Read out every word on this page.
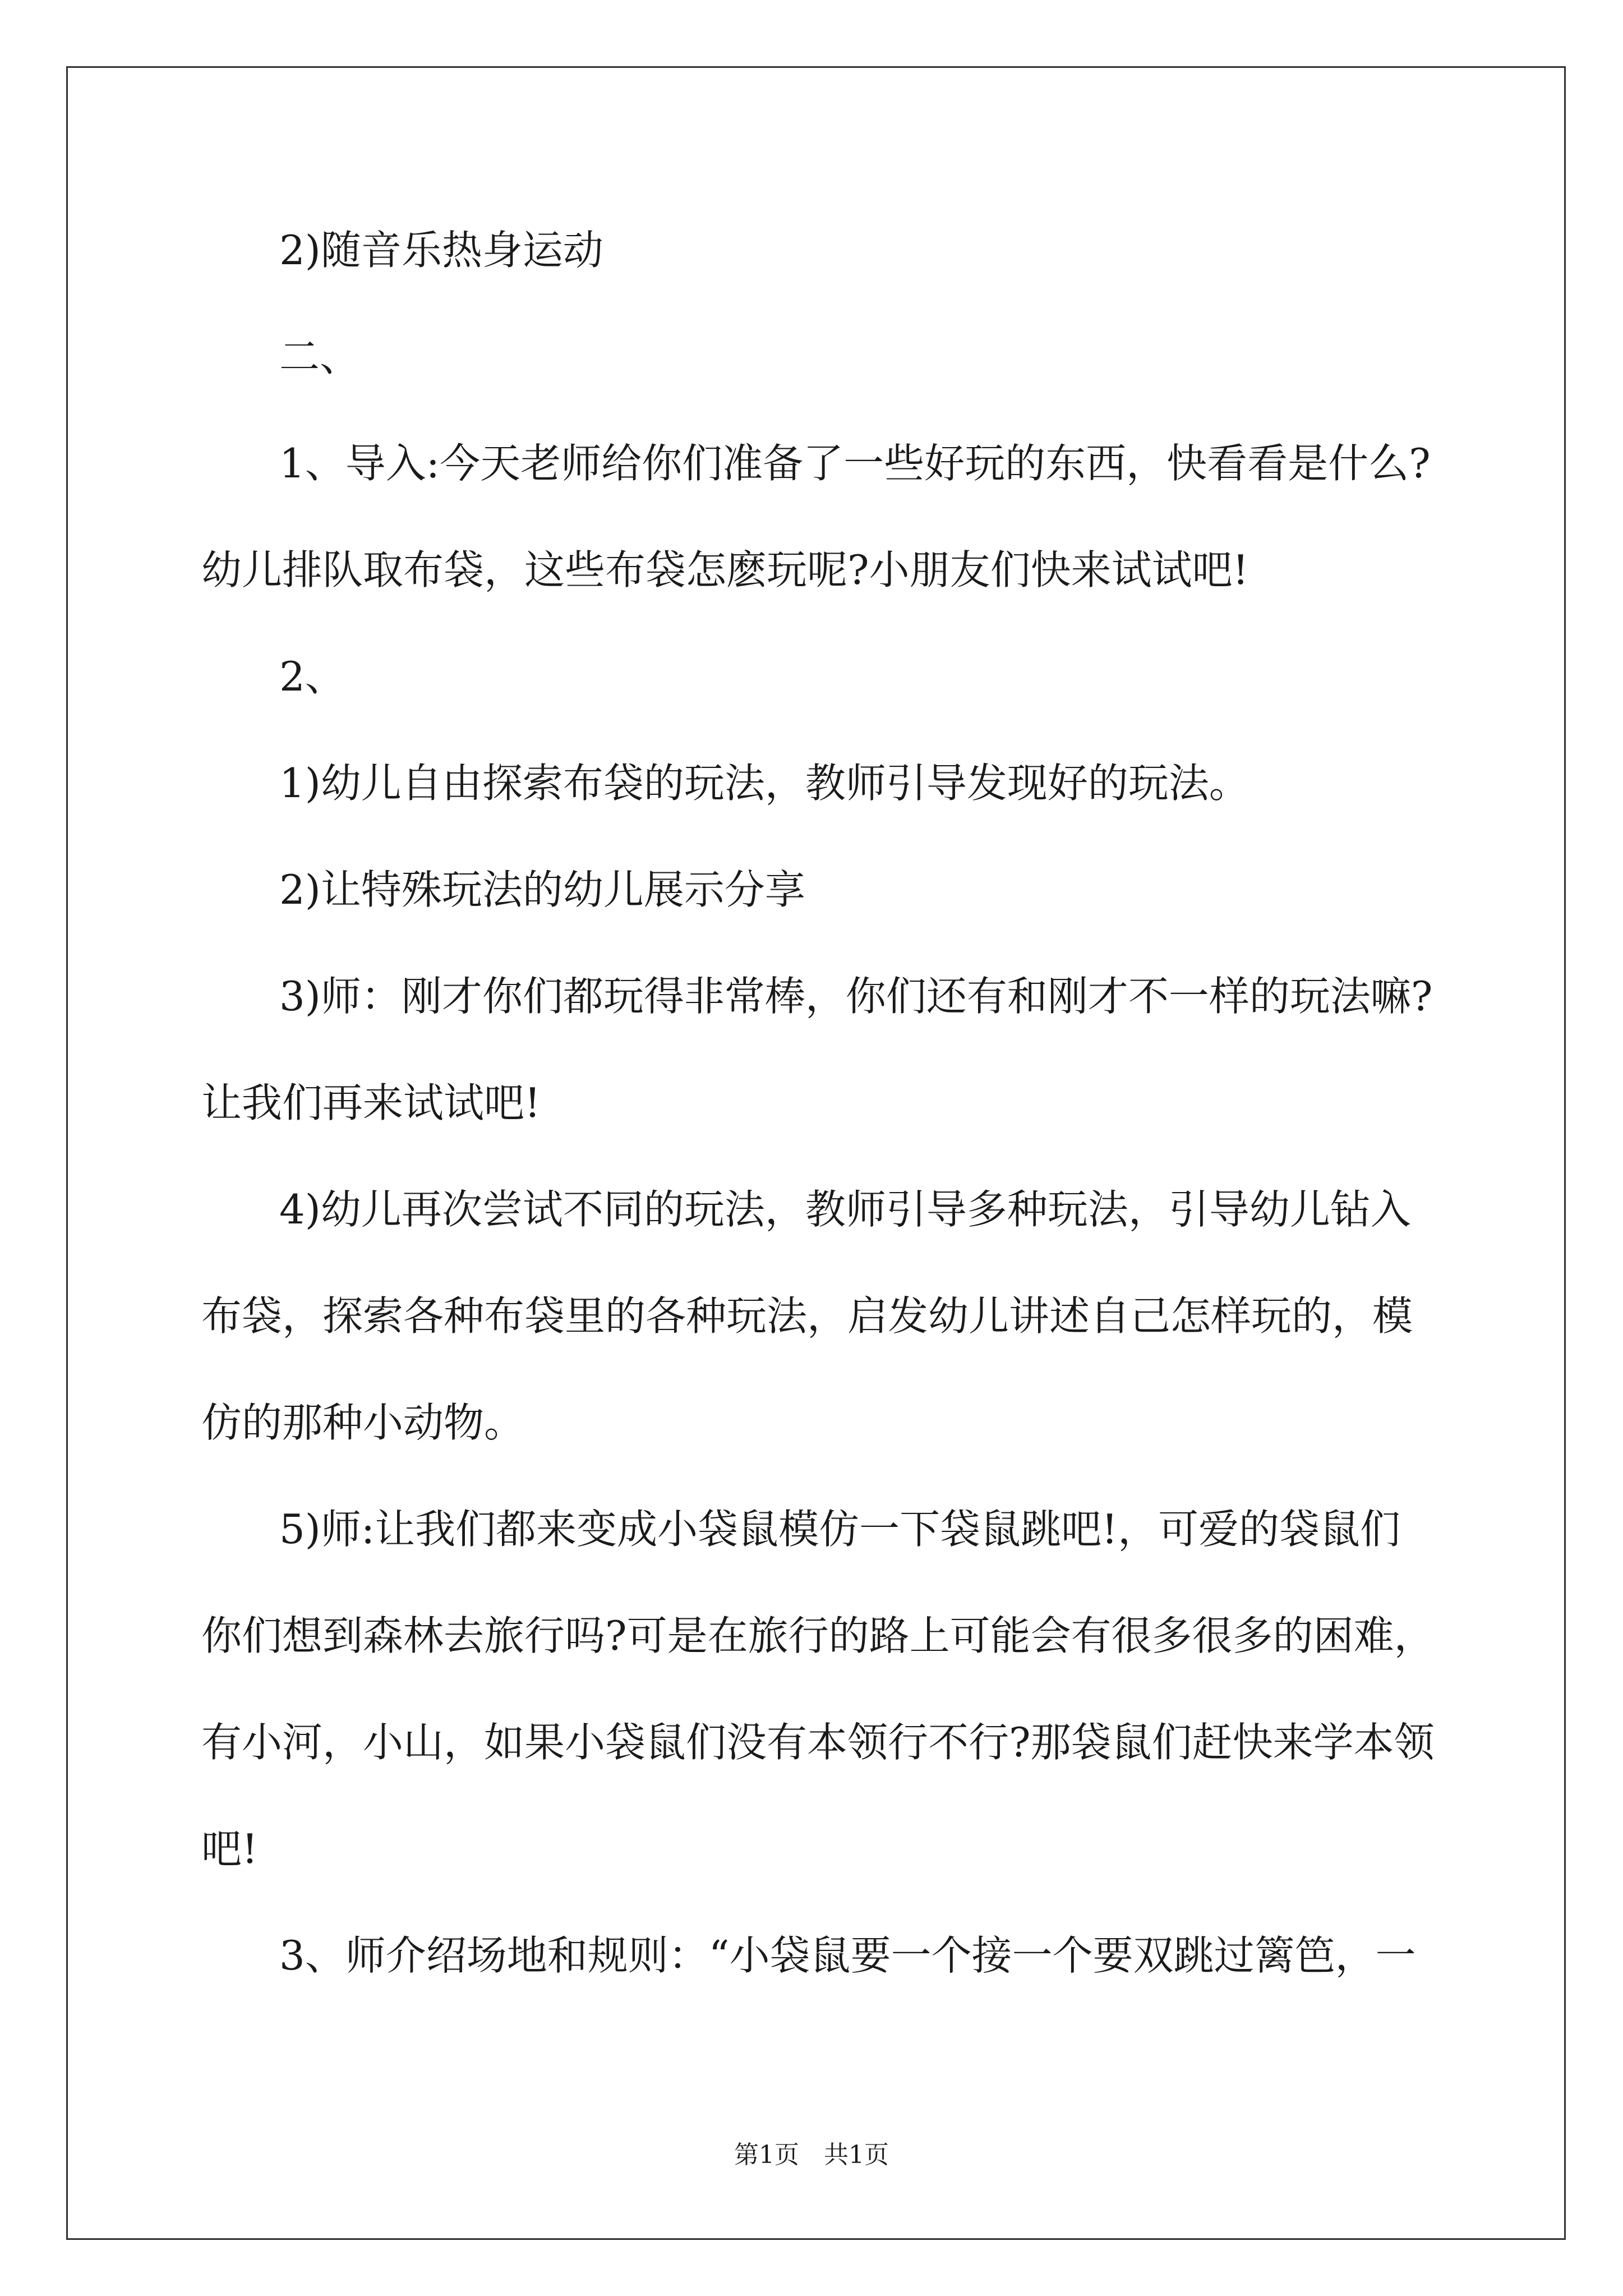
2)随音乐热身运动
二、
1、导入:今天老师给你们准备了一些好玩的东西，快看看是什么?
幼儿排队取布袋，这些布袋怎麽玩呢?小朋友们快来试试吧!
2、
1)幼儿自由探索布袋的玩法，教师引导发现好的玩法。
2)让特殊玩法的幼儿展示分享
3)师：刚才你们都玩得非常棒，你们还有和刚才不一样的玩法嘛?
让我们再来试试吧!
4)幼儿再次尝试不同的玩法，教师引导多种玩法，引导幼儿钻入
布袋，探索各种布袋里的各种玩法，启发幼儿讲述自己怎样玩的，模
仿的那种小动物。
5)师:让我们都来变成小袋鼠模仿一下袋鼠跳吧!，可爱的袋鼠们
你们想到森林去旅行吗?可是在旅行的路上可能会有很多很多的困难，
有小河，小山，如果小袋鼠们没有本领行不行?那袋鼠们赶快来学本领
吧!
3、师介绍场地和规则：“小袋鼠要一个接一个要双跳过篱笆，一
第1页　共1页
